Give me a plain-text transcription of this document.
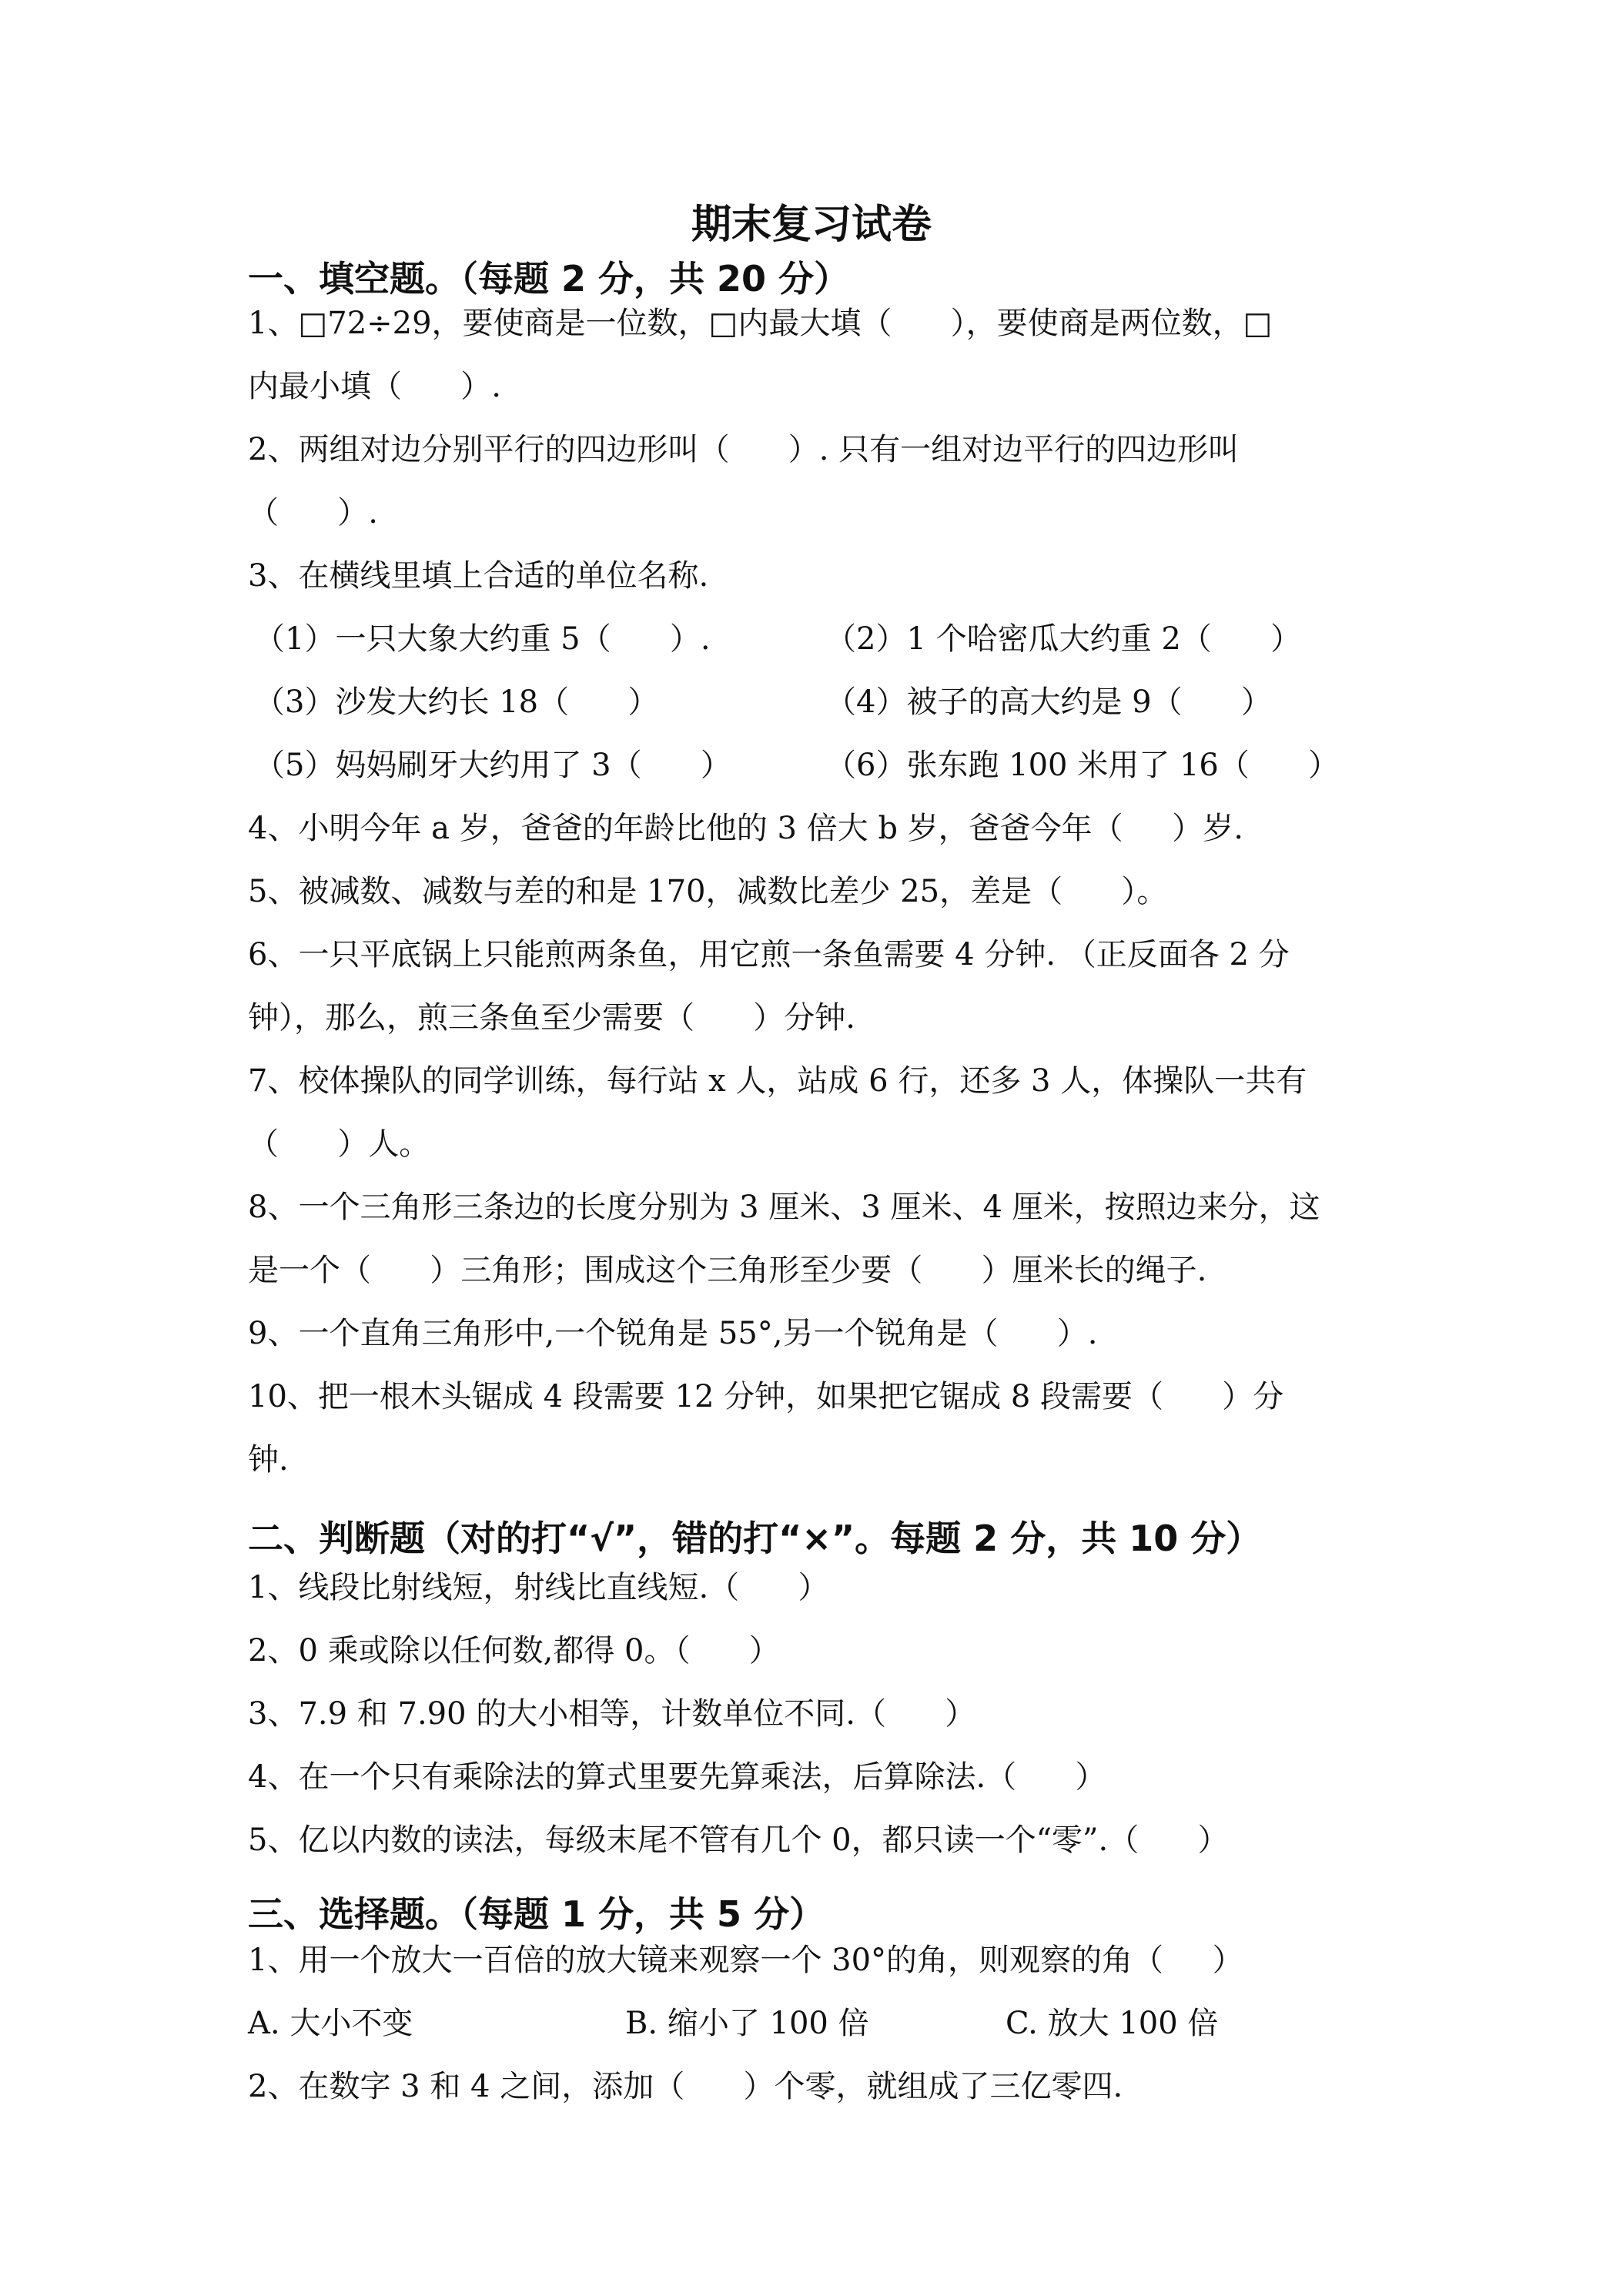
期末复习试卷
一、填空题。（每题 2 分，共 20 分）
1、□72÷29，要使商是一位数，□内最大填（      ），要使商是两位数，□
内最小填（      ）.
2、两组对边分别平行的四边形叫（      ）. 只有一组对边平行的四边形叫
（      ）.
3、在横线里填上合适的单位名称.
（1）一只大象大约重 5（      ）.	（2）1 个哈密瓜大约重 2（      ）
（3）沙发大约长 18（      ）	（4）被子的高大约是 9（      ）
（5）妈妈刷牙大约用了 3（      ）	（6）张东跑 100 米用了 16（      ）
4、小明今年 a 岁，爸爸的年龄比他的 3 倍大 b 岁，爸爸今年（     ）岁.
5、被减数、减数与差的和是 170，减数比差少 25，差是（      ）。
6、一只平底锅上只能煎两条鱼，用它煎一条鱼需要 4 分钟. （正反面各 2 分
钟），那么，煎三条鱼至少需要（      ）分钟.
7、校体操队的同学训练，每行站 x 人，站成 6 行，还多 3 人，体操队一共有
（      ）人。
8、一个三角形三条边的长度分别为 3 厘米、3 厘米、4 厘米，按照边来分，这
是一个（      ）三角形；围成这个三角形至少要（      ）厘米长的绳子.
9、一个直角三角形中,一个锐角是 55°,另一个锐角是（      ）.
10、把一根木头锯成 4 段需要 12 分钟，如果把它锯成 8 段需要（      ）分
钟.
二、判断题（对的打“√”，错的打“×”。每题 2 分，共 10 分）
1、线段比射线短，射线比直线短.（      ）
2、0 乘或除以任何数,都得 0。（      ）
3、7.9 和 7.90 的大小相等，计数单位不同.（      ）
4、在一个只有乘除法的算式里要先算乘法，后算除法.（      ）
5、亿以内数的读法，每级末尾不管有几个 0，都只读一个“零”.（      ）
三、选择题。（每题 1 分，共 5 分）
1、用一个放大一百倍的放大镜来观察一个 30°的角，则观察的角（     ）
A. 大小不变	B. 缩小了 100 倍	C. 放大 100 倍
2、在数字 3 和 4 之间，添加（      ）个零，就组成了三亿零四.
